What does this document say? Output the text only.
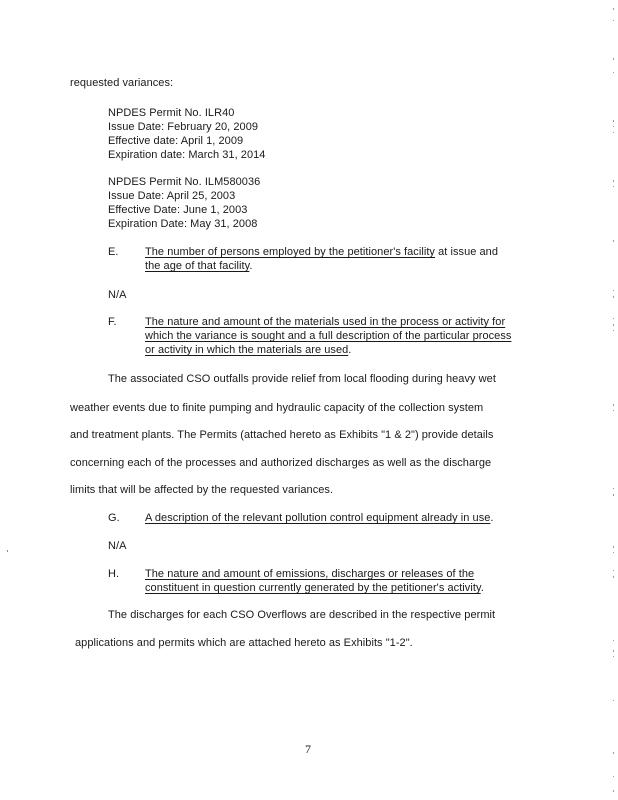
requested variances:
NPDES Permit No. ILR40
Issue Date: February 20, 2009
Effective date: April 1, 2009
Expiration date: March 31, 2014
NPDES Permit No. ILM580036
Issue Date: April 25, 2003
Effective Date: June 1, 2003
Expiration Date: May 31, 2008
E. The number of persons employed by the petitioner's facility at issue and
the age of that facility.
N/A
F.	The nature and amount of the materials used in the process or activity for
which the variance is sought and a full description of the particular process
or activity in which the materials are used.
The associated CSO outfalls provide relief from local flooding during heavy wet
weather events due to finite pumping and hydraulic capacity of the collection system
and treatment plants. The Permits (attached hereto as Exhibits "1 & 2") provide details
concerning each of the processes and authorized discharges as well as the discharge
limits that will be affected by the requested variances.
G. A description of the relevant pollution control equipment already in use.
N/A
H. The nature and amount of emissions, discharges or releases of the
constituent in question currently generated by the petitioner's activity.
The discharges for each CSO Overflows are described in the respective permit
applications and permits which are attached hereto as Exhibits "1-2".
7
